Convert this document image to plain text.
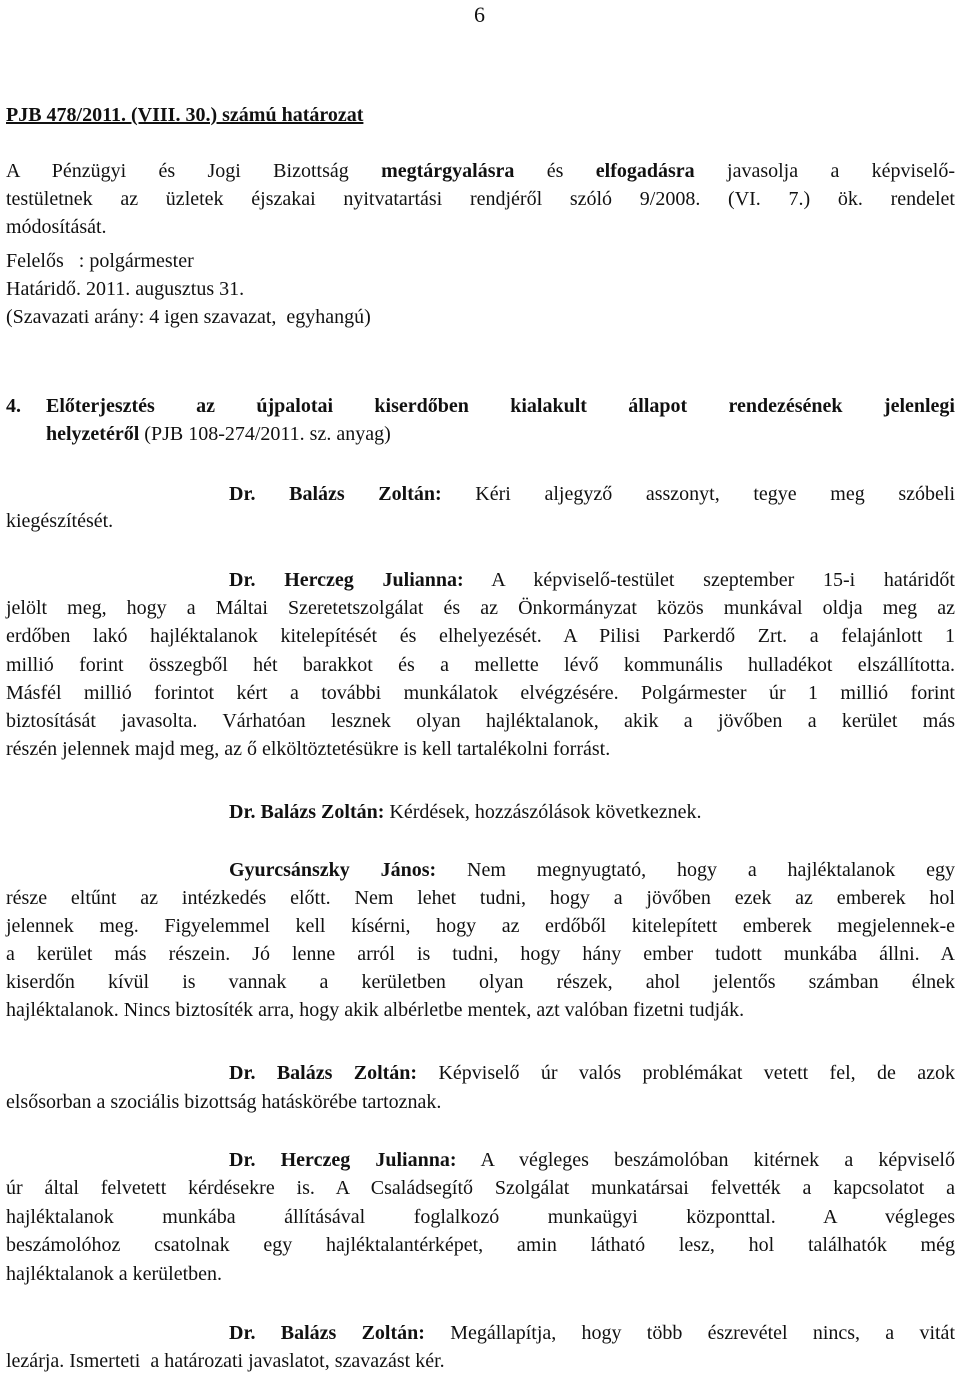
6
PJB 478/2011. (VIII. 30.) számú határozat
A Pénzügyi és Jogi Bizottság megtárgyalásra és elfogadásra javasolja a képviselő-
testületnek az üzletek éjszakai nyitvatartási rendjéről szóló 9/2008. (VI. 7.) ök. rendelet
módosítását.
Felelős   : polgármester
Határidő. 2011. augusztus 31.
(Szavazati arány: 4 igen szavazat,  egyhangú)
4.	Előterjesztés az újpalotai kiserdőben kialakult állapot rendezésének jelenlegi
helyzetéről (PJB 108-274/2011. sz. anyag)
Dr. Balázs Zoltán: Kéri aljegyző asszonyt, tegye meg szóbeli
kiegészítését.
Dr. Herczeg Julianna: A képviselő-testület szeptember 15-i határidőt
jelölt meg, hogy a Máltai Szeretetszolgálat és az Önkormányzat közös munkával oldja meg az
erdőben lakó hajléktalanok kitelepítését és elhelyezését. A Pilisi Parkerdő Zrt. a felajánlott 1
millió forint összegből hét barakkot és a mellette lévő kommunális hulladékot elszállította.
Másfél millió forintot kért a további munkálatok elvégzésére. Polgármester úr 1 millió forint
biztosítását javasolta. Várhatóan lesznek olyan hajléktalanok, akik a jövőben a kerület más
részén jelennek majd meg, az ő elköltöztetésükre is kell tartalékolni forrást.
Dr. Balázs Zoltán: Kérdések, hozzászólások következnek.
Gyurcsánszky János: Nem megnyugtató, hogy a hajléktalanok egy
része eltűnt az intézkedés előtt. Nem lehet tudni, hogy a jövőben ezek az emberek hol
jelennek meg. Figyelemmel kell kísérni, hogy az erdőből kitelepített emberek megjelennek-e
a kerület más részein. Jó lenne arról is tudni, hogy hány ember tudott munkába állni. A
kiserdőn kívül is vannak a kerületben olyan részek, ahol jelentős számban élnek
hajléktalanok. Nincs biztosíték arra, hogy akik albérletbe mentek, azt valóban fizetni tudják.
Dr. Balázs Zoltán: Képviselő úr valós problémákat vetett fel, de azok
elsősorban a szociális bizottság hatáskörébe tartoznak.
Dr. Herczeg Julianna: A végleges beszámolóban kitérnek a képviselő
úr által felvetett kérdésekre is. A Családsegítő Szolgálat munkatársai felvették a kapcsolatot a
hajléktalanok munkába állításával foglalkozó munkaügyi központtal. A végleges
beszámolóhoz csatolnak egy hajléktalantérképet, amin látható lesz, hol találhatók még
hajléktalanok a kerületben.
Dr. Balázs Zoltán: Megállapítja, hogy több észrevétel nincs, a vitát
lezárja. Ismerteti  a határozati javaslatot, szavazást kér.
